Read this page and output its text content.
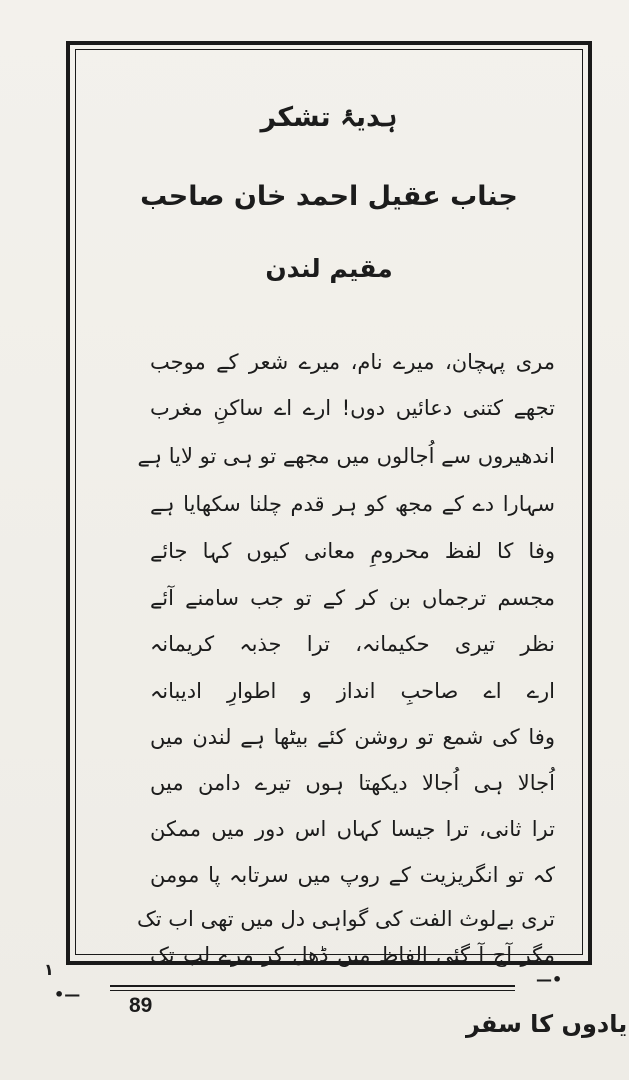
ہدیۂ تشکر
جناب عقیل احمد خان صاحب
مقیم لندن
مری پہچان، میرے نام، میرے شعر کے موجب
تجھے کتنی دعائیں دوں! ارے اے ساکنِ مغرب
اندھیروں سے اُجالوں میں مجھے تو ہی تو لایا ہے
سہارا دے کے مجھ کو ہر قدم چلنا سکھایا ہے
وفا کا لفظ محرومِ معانی کیوں کہا جائے
مجسم ترجماں بن کر کے تو جب سامنے آئے
نظر تیری حکیمانہ، ترا جذبہ کریمانہ
ارے اے صاحبِ انداز و اطوارِ ادیبانہ
وفا کی شمع تو روشن کئے بیٹھا ہے لندن میں
اُجالا ہی اُجالا دیکھتا ہوں تیرے دامن میں
ترا ثانی، ترا جیسا کہاں اس دور میں ممکن
کہ تو انگریزیت کے روپ میں سرتابہ پا مومن
تری بےلوث الفت کی گواہی دل میں تھی اب تک
مگر آج آ گئی الفاظ میں ڈھل کر مرے لب تک
۱
•—
—•
89
یادوں کا سفر
